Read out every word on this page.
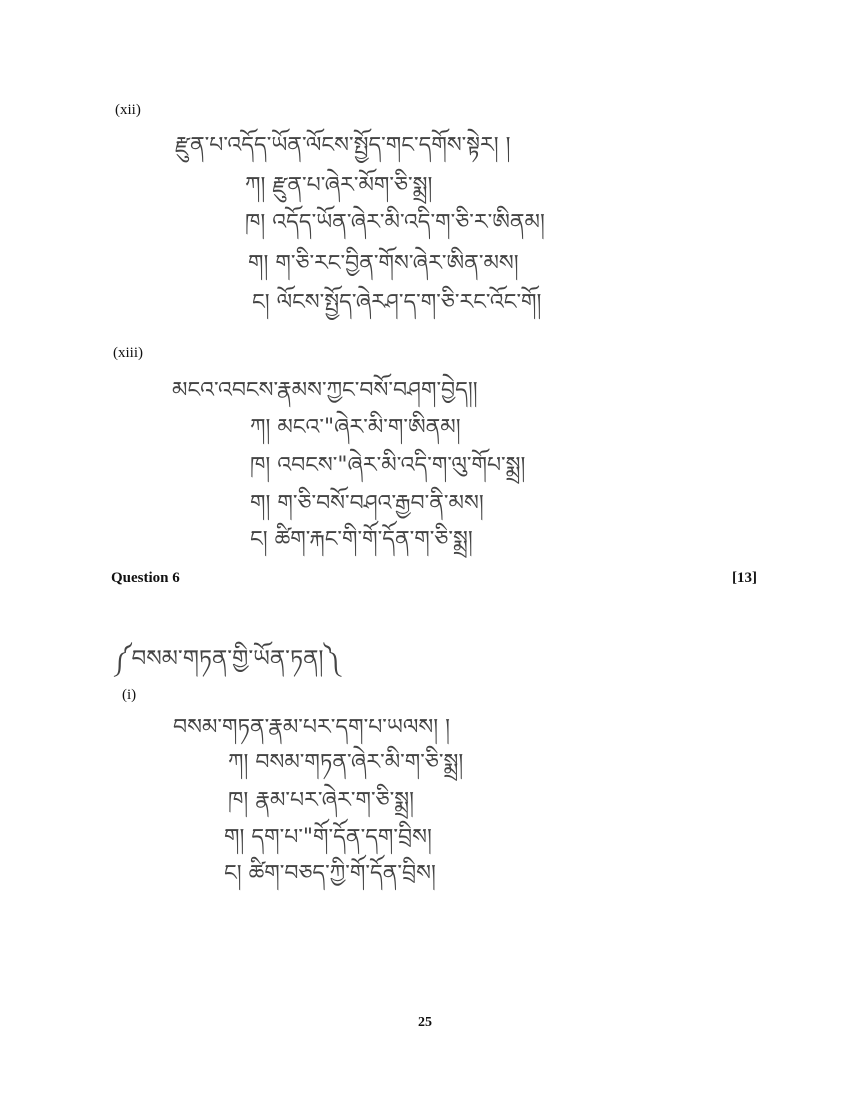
(xii)
རྫུན་པ་འདོད་ཡོན་ལོངས་སྤྱོད་གང་དགོས་སྟེར། །
ཀ། རྫུན་པ་ཞེར་མོག་ཅི་སྨྲ།
ཁ། འདོད་ཡོན་ཞེར་མི་འདི་ག་ཅི་ར་ཨིནམ།
ག། ག་ཅི་རང་བྱིན་གོས་ཞེར་ཨིན་མས།
ང། ལོངས་སྤྱོད་ཞེརཤ་ད་ག་ཅི་རང་འོང་གོ།
(xiii)
མངའ་འབངས་རྣམས་ཀྱང་བསོ་བཤག་བྱེད།།
ཀ། མངའ་"ཞེར་མི་ག་ཨིནམ།
ཁ། འབངས་"ཞེར་མི་འདི་ག་ལུ་གོཔ་སྨྲ།
ག། ག་ཅི་བསོ་བཤའ་རྒྱབ་ནི་མས།
ང། ཚིག་རྐང་གི་གོ་དོན་ག་ཅི་སྨྲ།
Question 6	[13]
༼བསམ་གཏན་གྱི་ཡོན་ཏན།༽
(i)
བསམ་གཏན་རྣམ་པར་དག་པ་ཡལས། །
ཀ། བསམ་གཏན་ཞེར་མི་ག་ཅི་སྨྲ།
ཁ། རྣམ་པར་ཞེར་ག་ཅི་སྨྲ།
ག། དག་པ་"གོ་དོན་དག་བྲིས།
ང། ཚིག་བཅད་ཀྱི་གོ་དོན་བྲིས།
25
